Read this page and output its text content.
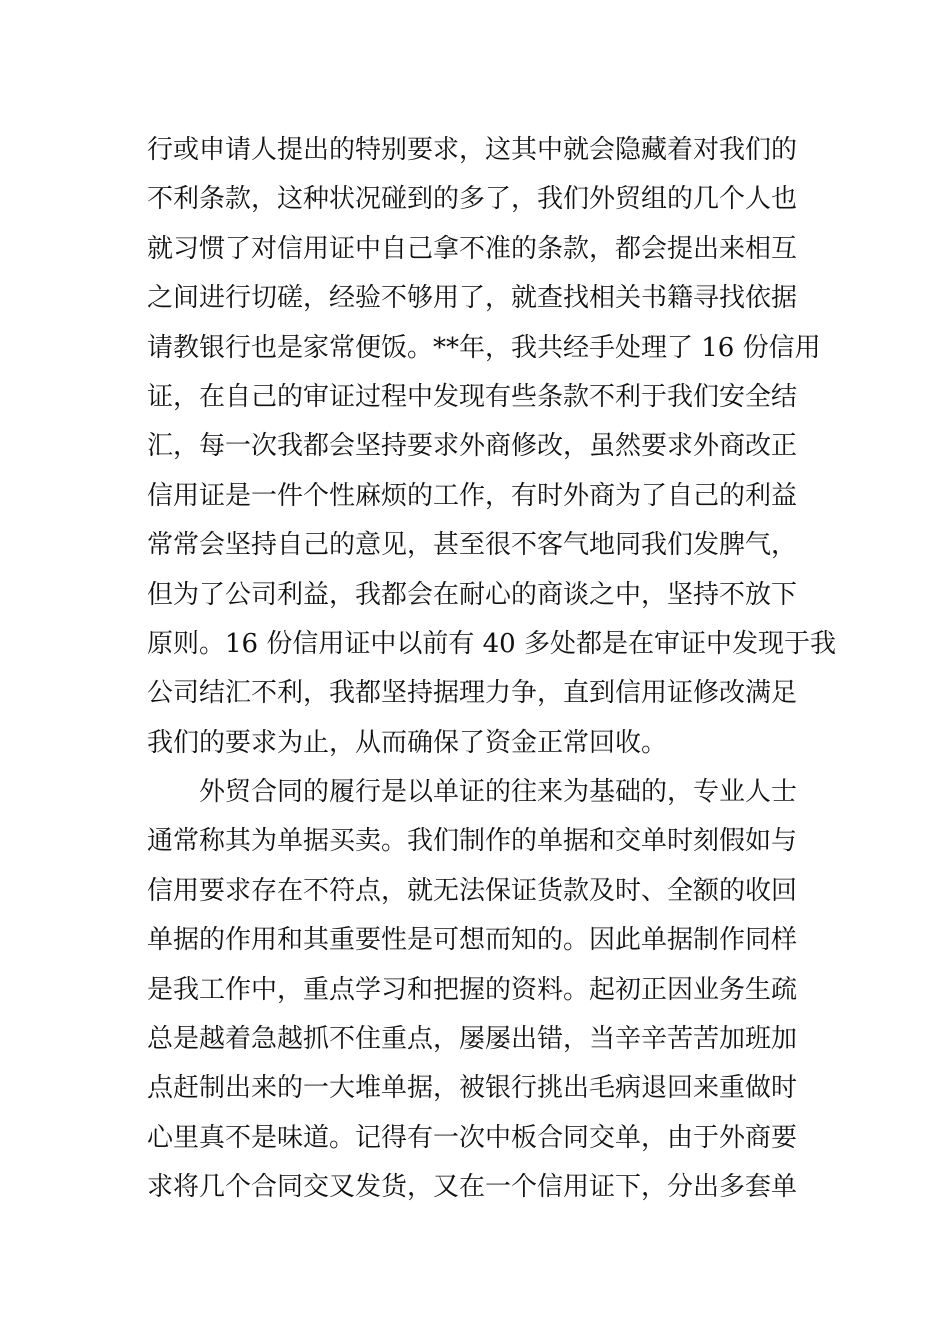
行或申请人提出的特别要求，这其中就会隐藏着对我们的
不利条款，这种状况碰到的多了，我们外贸组的几个人也
就习惯了对信用证中自己拿不准的条款，都会提出来相互
之间进行切磋，经验不够用了，就查找相关书籍寻找依据
请教银行也是家常便饭。**年，我共经手处理了 16 份信用
证，在自己的审证过程中发现有些条款不利于我们安全结
汇，每一次我都会坚持要求外商修改，虽然要求外商改正
信用证是一件个性麻烦的工作，有时外商为了自己的利益
常常会坚持自己的意见，甚至很不客气地同我们发脾气，
但为了公司利益，我都会在耐心的商谈之中，坚持不放下
原则。16 份信用证中以前有 40 多处都是在审证中发现于我
公司结汇不利，我都坚持据理力争，直到信用证修改满足
我们的要求为止，从而确保了资金正常回收。
　　外贸合同的履行是以单证的往来为基础的，专业人士
通常称其为单据买卖。我们制作的单据和交单时刻假如与
信用要求存在不符点，就无法保证货款及时、全额的收回
单据的作用和其重要性是可想而知的。因此单据制作同样
是我工作中，重点学习和把握的资料。起初正因业务生疏
总是越着急越抓不住重点，屡屡出错，当辛辛苦苦加班加
点赶制出来的一大堆单据，被银行挑出毛病退回来重做时
心里真不是味道。记得有一次中板合同交单，由于外商要
求将几个合同交叉发货，又在一个信用证下，分出多套单
